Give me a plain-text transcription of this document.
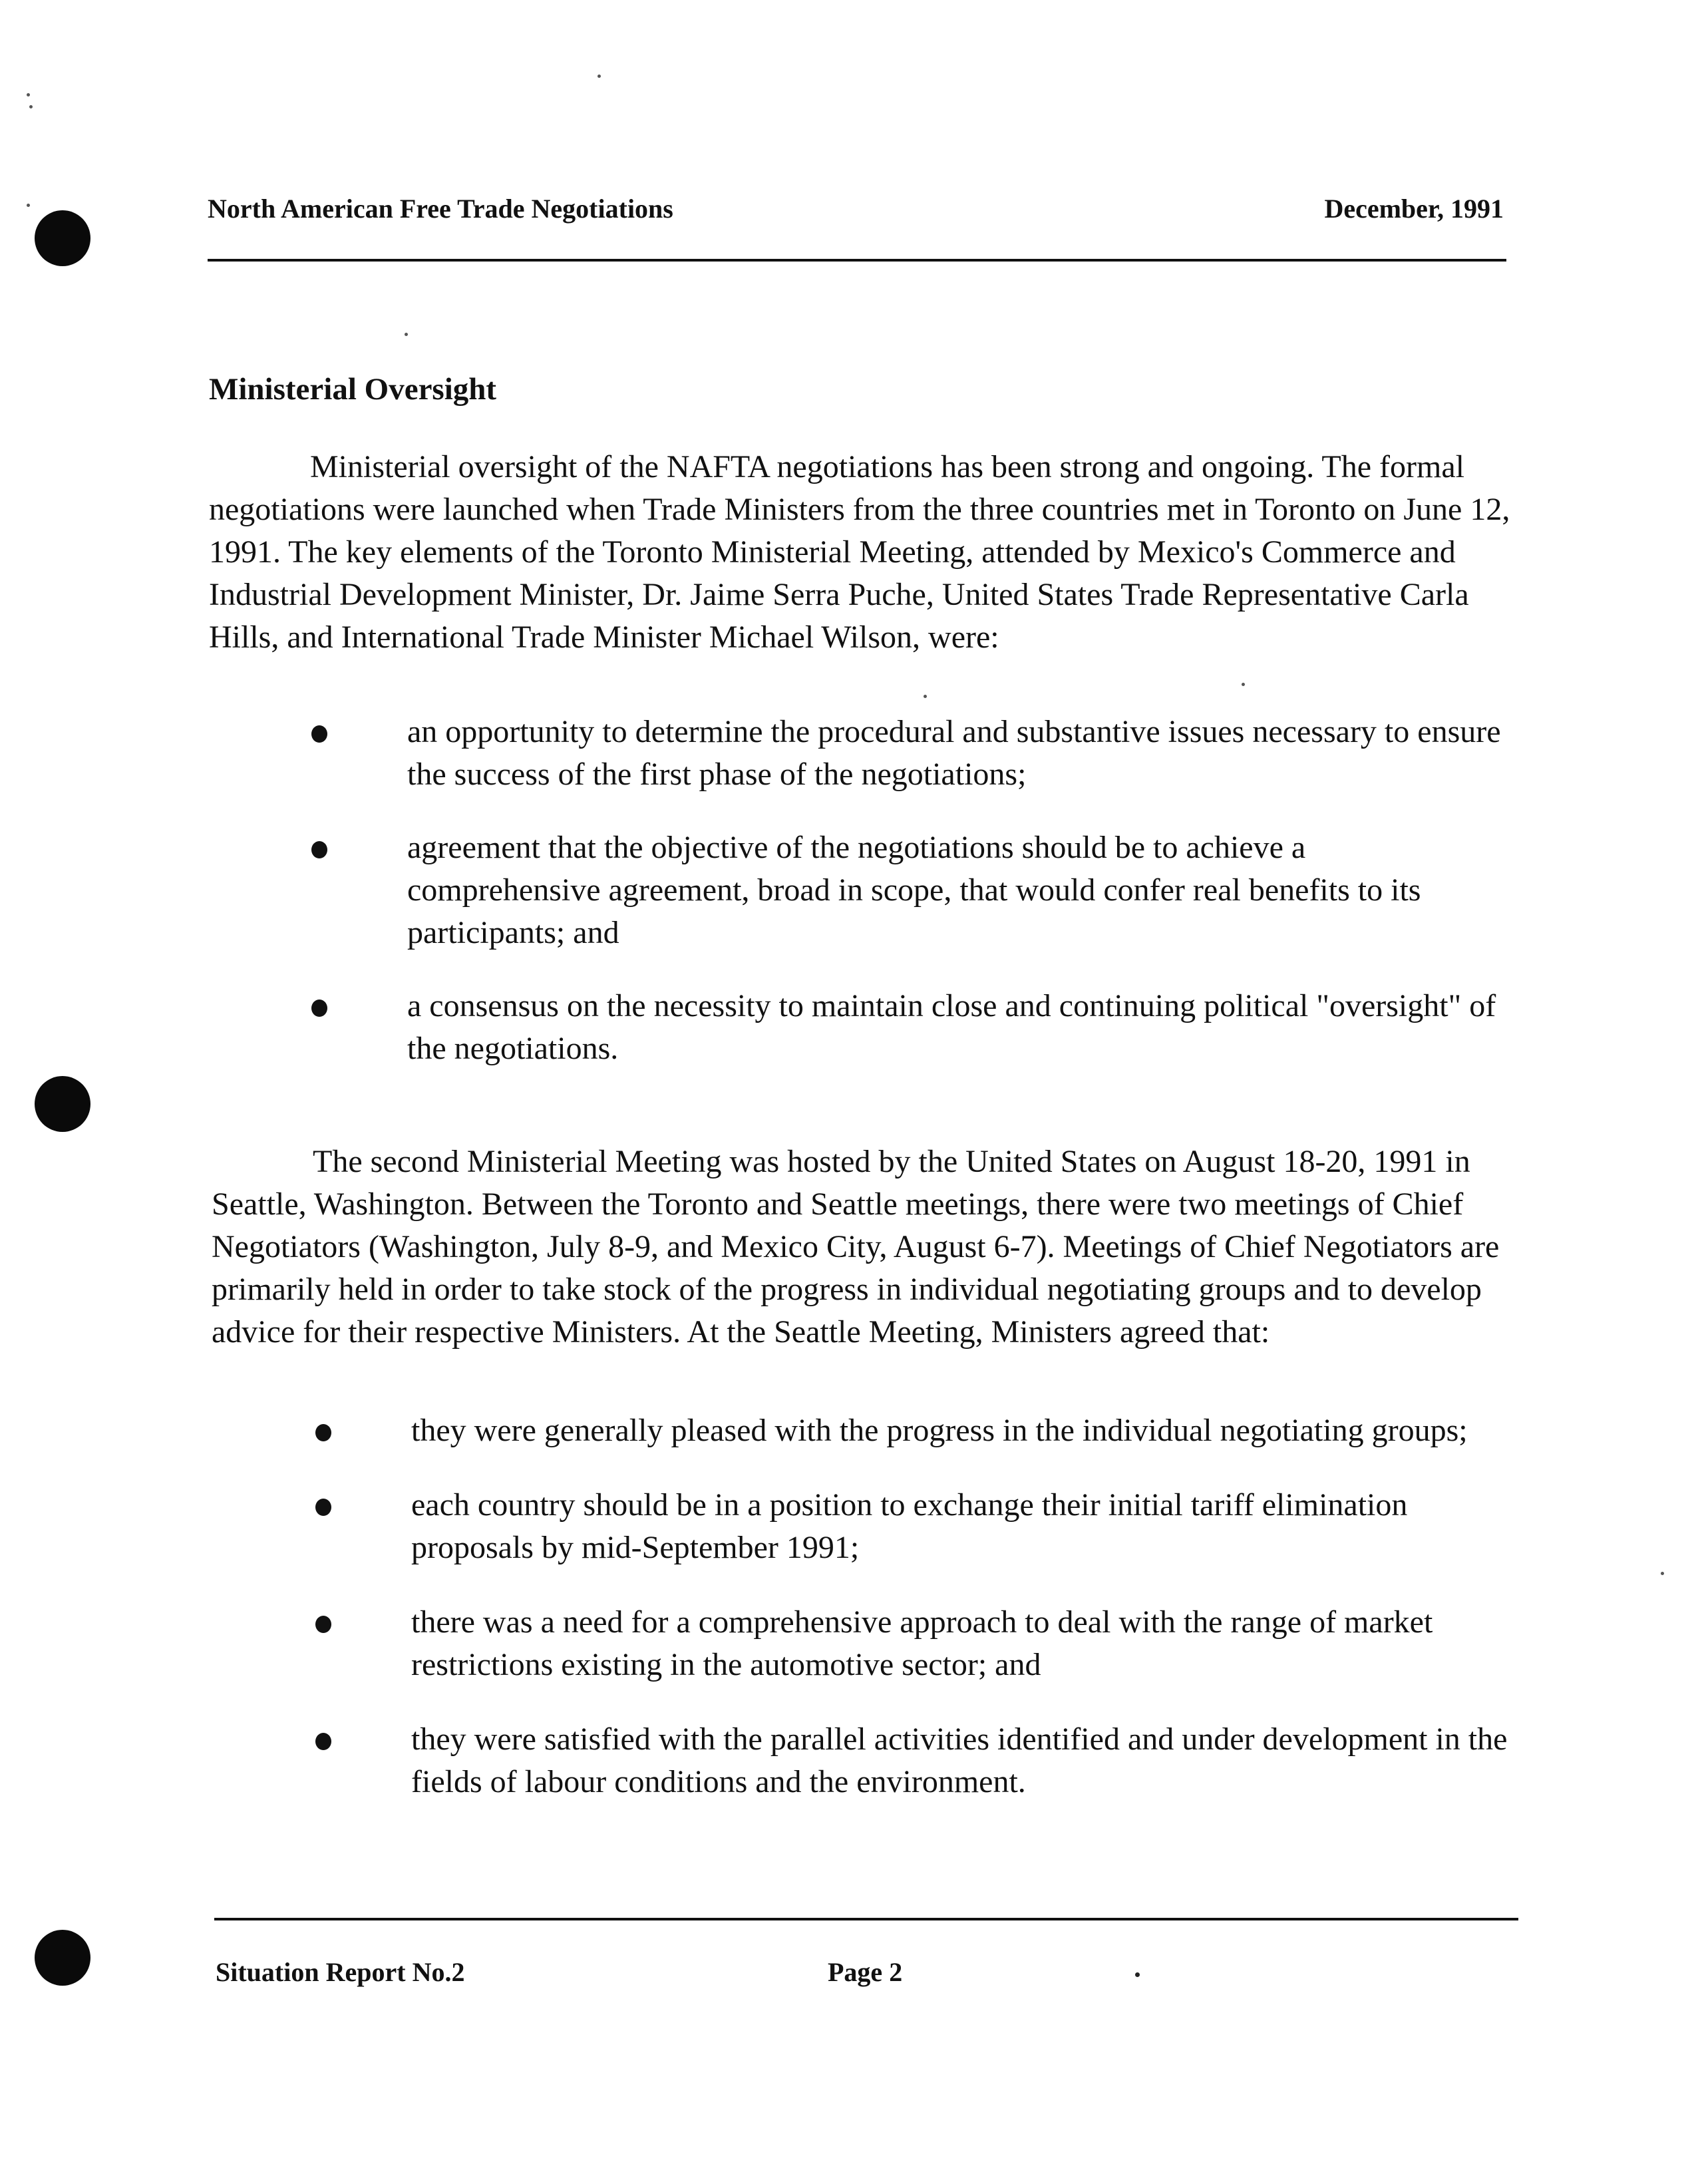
North American Free Trade Negotiations	December, 1991
Ministerial Oversight

Ministerial oversight of the NAFTA negotiations has been strong and ongoing. The formal negotiations were launched when Trade Ministers from the three countries met in Toronto on June 12, 1991. The key elements of the Toronto Ministerial Meeting, attended by Mexico's Commerce and Industrial Development Minister, Dr. Jaime Serra Puche, United States Trade Representative Carla Hills, and International Trade Minister Michael Wilson, were:

an opportunity to determine the procedural and substantive issues necessary to ensure the success of the first phase of the negotiations;
agreement that the objective of the negotiations should be to achieve a comprehensive agreement, broad in scope, that would confer real benefits to its participants; and
a consensus on the necessity to maintain close and continuing political "oversight" of the negotiations.

The second Ministerial Meeting was hosted by the United States on August 18-20, 1991 in Seattle, Washington. Between the Toronto and Seattle meetings, there were two meetings of Chief Negotiators (Washington, July 8-9, and Mexico City, August 6-7). Meetings of Chief Negotiators are primarily held in order to take stock of the progress in individual negotiating groups and to develop advice for their respective Ministers. At the Seattle Meeting, Ministers agreed that:

they were generally pleased with the progress in the individual negotiating groups;
each country should be in a position to exchange their initial tariff elimination proposals by mid-September 1991;
there was a need for a comprehensive approach to deal with the range of market restrictions existing in the automotive sector; and
they were satisfied with the parallel activities identified and under development in the fields of labour conditions and the environment.
Situation Report No.2	Page 2
